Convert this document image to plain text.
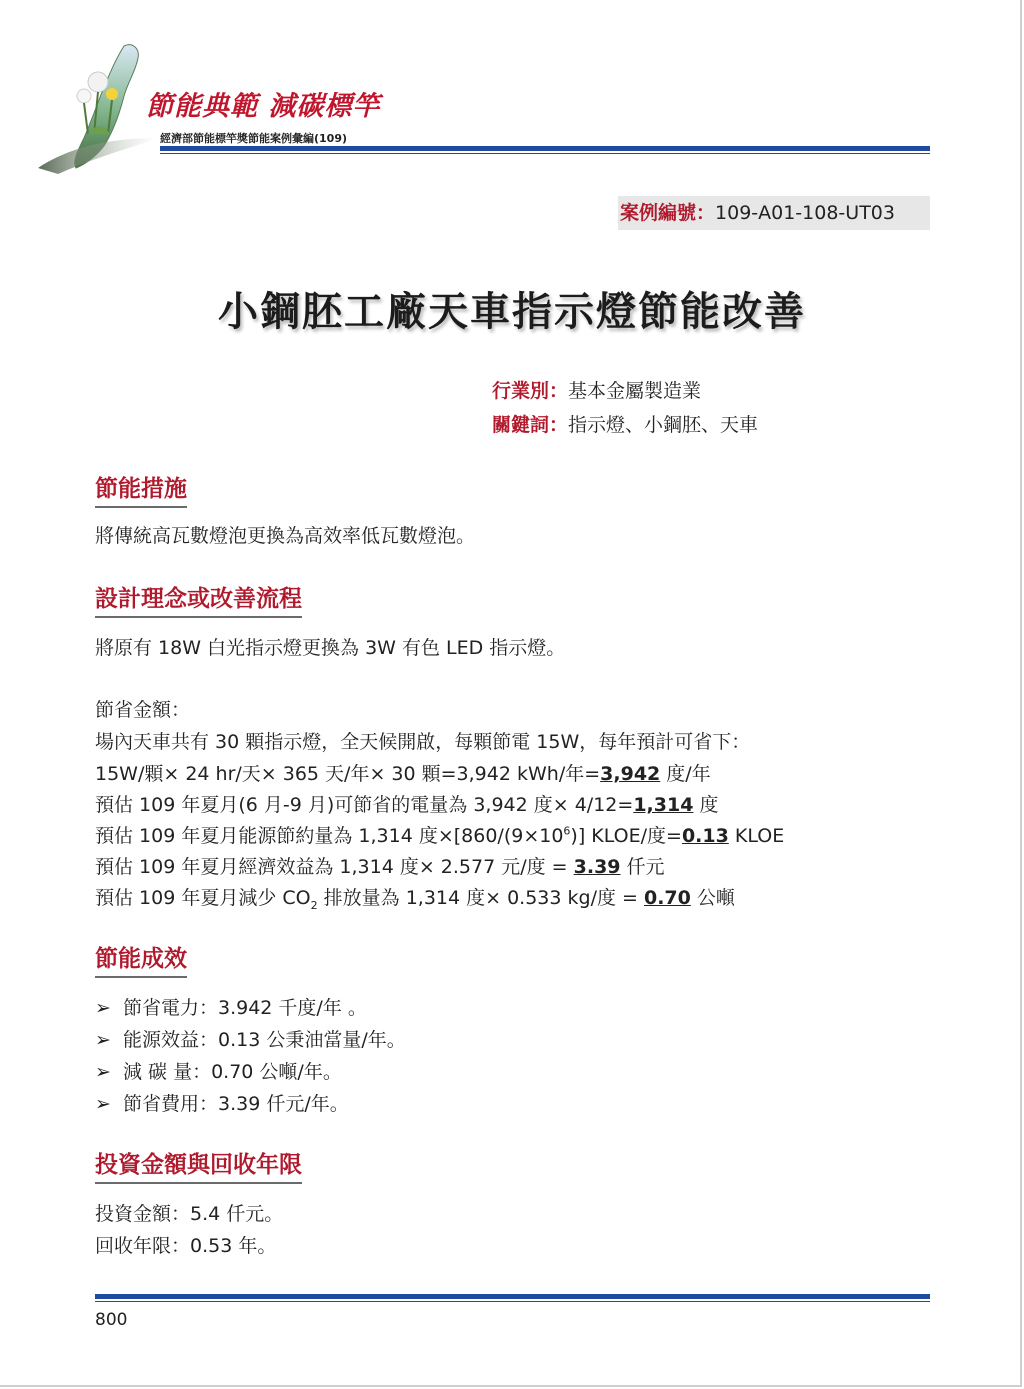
節能典範 減碳標竿
經濟部節能標竿獎節能案例彙編(109)
案例編號：109-A01-108-UT03
小鋼胚工廠天車指示燈節能改善
行業別：基本金屬製造業
關鍵詞：指示燈、小鋼胚、天車
節能措施
將傳統高瓦數燈泡更換為高效率低瓦數燈泡。
設計理念或改善流程
將原有 18W 白光指示燈更換為 3W 有色 LED 指示燈。
節省金額：
場內天車共有 30 顆指示燈，全天候開啟，每顆節電 15W，每年預計可省下：
15W/顆× 24 hr/天× 365 天/年× 30 顆=3,942 kWh/年=3,942 度/年
預估 109 年夏月(6 月-9 月)可節省的電量為 3,942 度× 4/12=1,314 度
預估 109 年夏月能源節約量為 1,314 度$\times[860/(9\times 10^6)]$ KLOE/度=0.13 KLOE
預估 109 年夏月經濟效益為 1,314 度× 2.577 元/度 = 3.39 仟元
預估 109 年夏月減少 $CO_2$ 排放量為 1,314 度× 0.533 kg/度 = 0.70 公噸
節能成效
➢ 節省電力：3.942 千度/年 。
➢ 能源效益：0.13 公秉油當量/年。
➢ 減 碳 量：0.70 公噸/年。
➢ 節省費用：3.39 仟元/年。
投資金額與回收年限
投資金額：5.4 仟元。
回收年限：0.53 年。
800
